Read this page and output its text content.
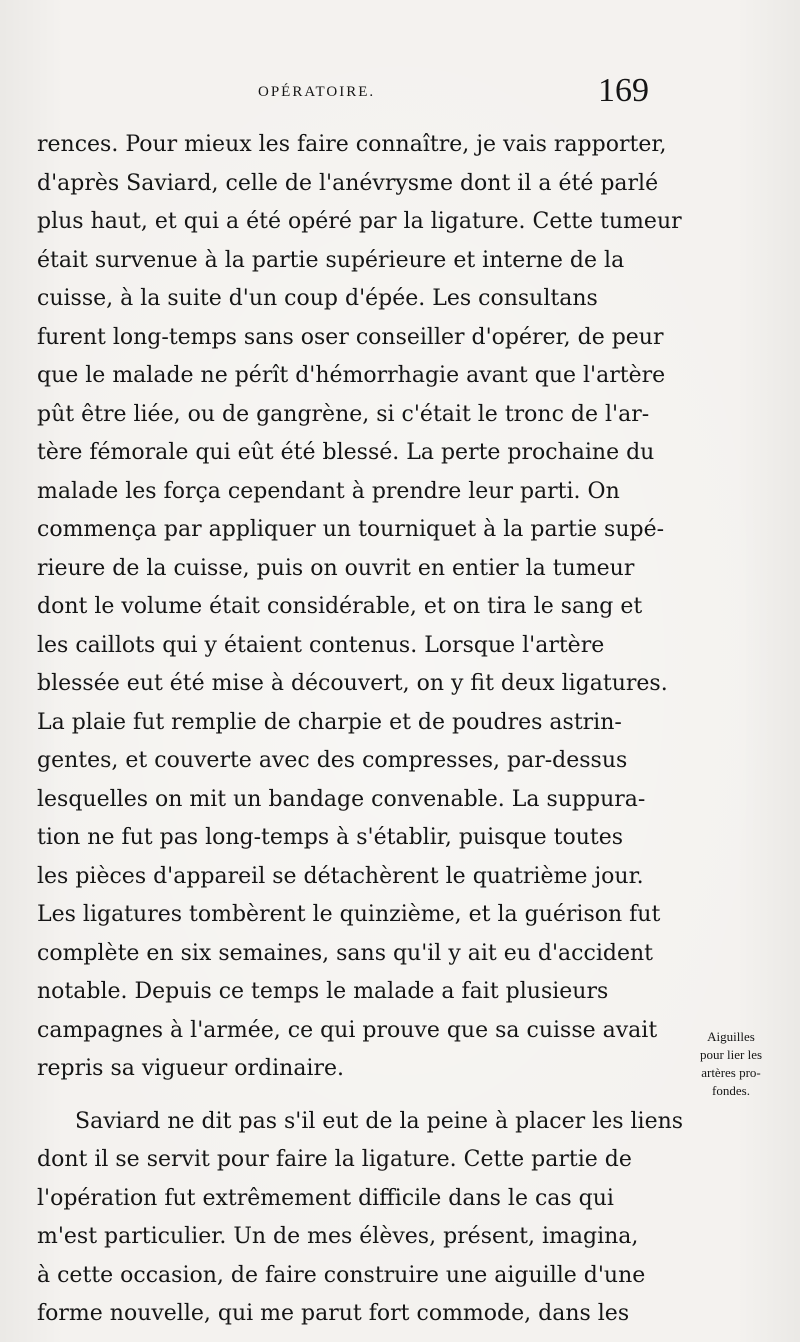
OPÉRATOIRE.	169
rences. Pour mieux les faire connaître, je vais rapporter,
d'après Saviard, celle de l'anévrysme dont il a été parlé
plus haut, et qui a été opéré par la ligature. Cette tumeur
était survenue à la partie supérieure et interne de la
cuisse, à la suite d'un coup d'épée. Les consultans
furent long-temps sans oser conseiller d'opérer, de peur
que le malade ne pérît d'hémorrhagie avant que l'artère
pût être liée, ou de gangrène, si c'était le tronc de l'ar-
tère fémorale qui eût été blessé. La perte prochaine du
malade les força cependant à prendre leur parti. On
commença par appliquer un tourniquet à la partie supé-
rieure de la cuisse, puis on ouvrit en entier la tumeur
dont le volume était considérable, et on tira le sang et
les caillots qui y étaient contenus. Lorsque l'artère
blessée eut été mise à découvert, on y fit deux ligatures.
La plaie fut remplie de charpie et de poudres astrin-
gentes, et couverte avec des compresses, par-dessus
lesquelles on mit un bandage convenable. La suppura-
tion ne fut pas long-temps à s'établir, puisque toutes
les pièces d'appareil se détachèrent le quatrième jour.
Les ligatures tombèrent le quinzième, et la guérison fut
complète en six semaines, sans qu'il y ait eu d'accident
notable. Depuis ce temps le malade a fait plusieurs
campagnes à l'armée, ce qui prouve que sa cuisse avait
repris sa vigueur ordinaire.
Saviard ne dit pas s'il eut de la peine à placer les liens
dont il se servit pour faire la ligature. Cette partie de
l'opération fut extrêmement difficile dans le cas qui
m'est particulier. Un de mes élèves, présent, imagina,
à cette occasion, de faire construire une aiguille d'une
forme nouvelle, qui me parut fort commode, dans les
Aiguilles
pour lier les
artères pro-
fondes.
